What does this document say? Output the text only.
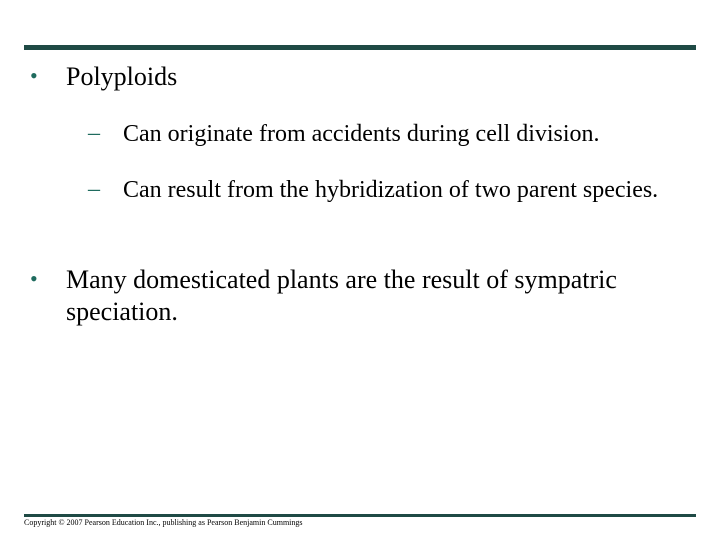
•	Polyploids
– Can originate from accidents during cell division.
– Can result from the hybridization of two parent species.
•	Many domesticated plants are the result of sympatric speciation.
Copyright © 2007 Pearson Education Inc., publishing as Pearson Benjamin Cummings
